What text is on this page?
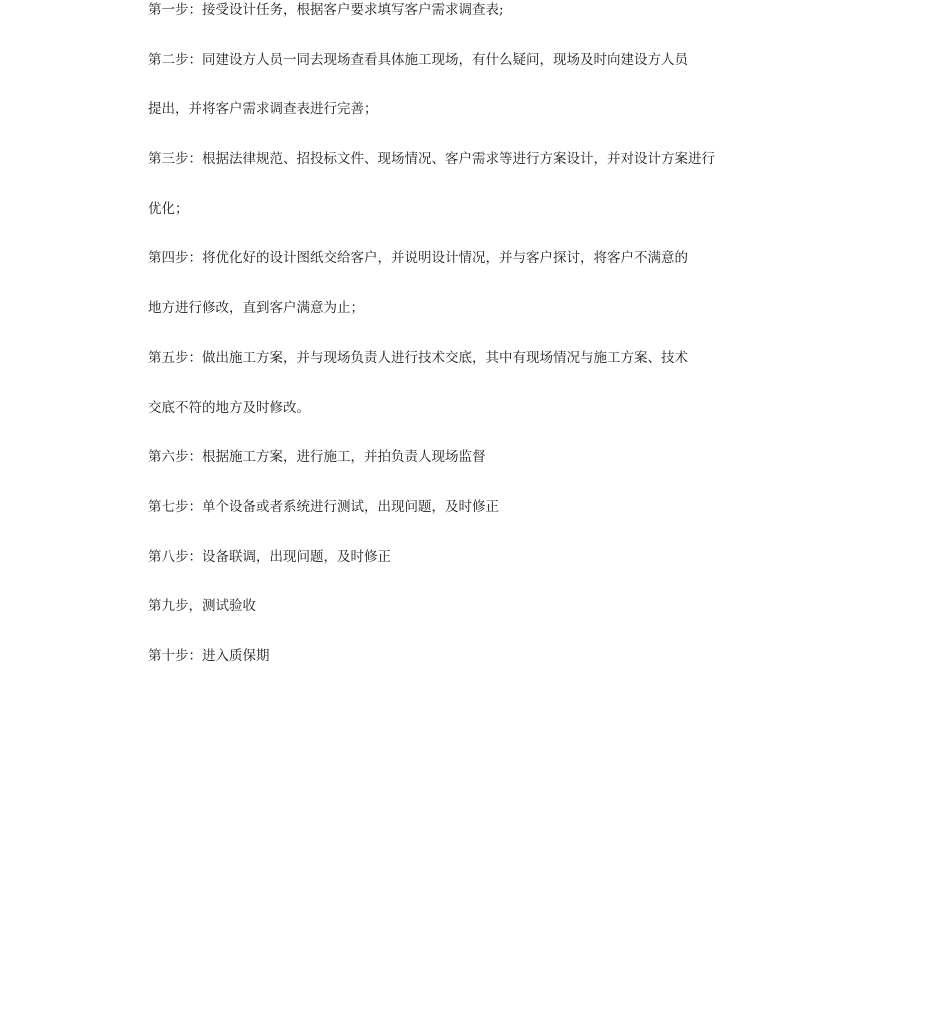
第一步：接受设计任务，根据客户要求填写客户需求调查表;
第二步：同建设方人员一同去现场查看具体施工现场，有什么疑问，现场及时向建设方人员
提出，并将客户需求调查表进行完善；
第三步：根据法律规范、招投标文件、现场情况、客户需求等进行方案设计，并对设计方案进行
优化；
第四步：将优化好的设计图纸交给客户，并说明设计情况，并与客户探讨，将客户不满意的
地方进行修改，直到客户满意为止；
第五步：做出施工方案，并与现场负责人进行技术交底，其中有现场情况与施工方案、技术
交底不符的地方及时修改。
第六步：根据施工方案，进行施工，并拍负责人现场监督
第七步：单个设备或者系统进行测试，出现问题，及时修正
第八步：设备联调，出现问题，及时修正
第九步，测试验收
第十步：进入质保期
